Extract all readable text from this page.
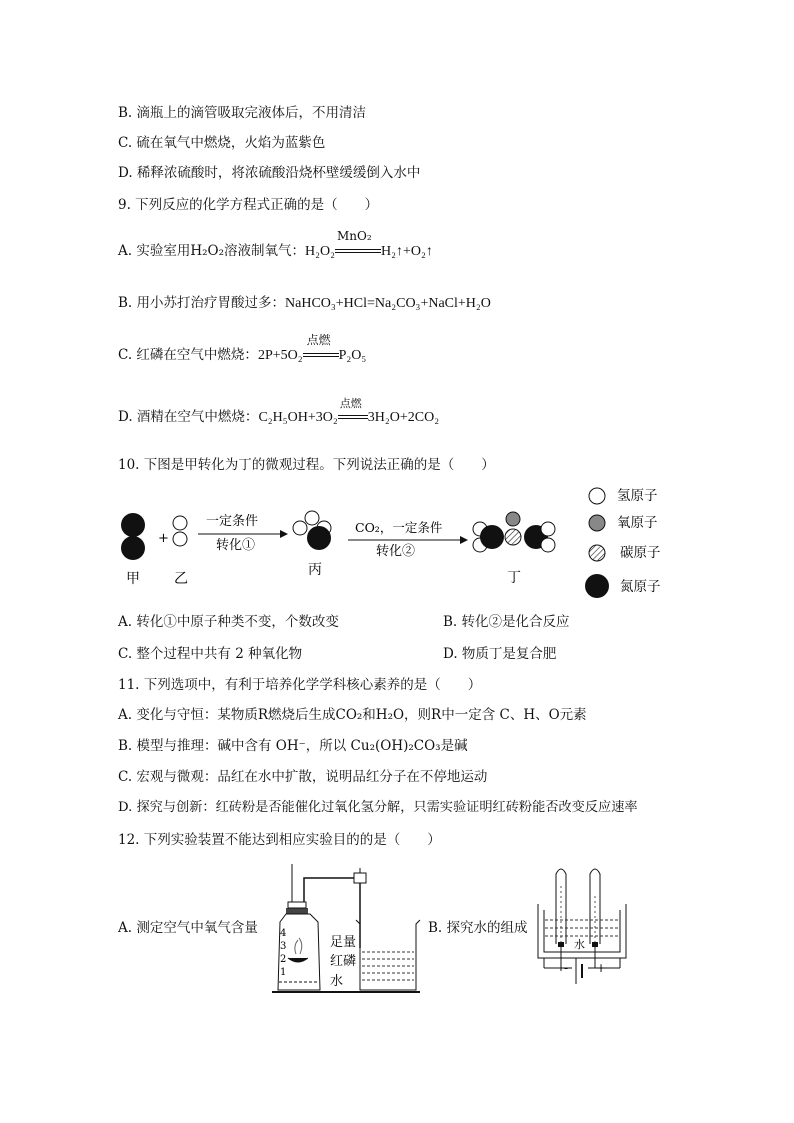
B. 滴瓶上的滴管吸取完液体后，不用清洁
C. 硫在氧气中燃烧，火焰为蓝紫色
D. 稀释浓硫酸时，将浓硫酸沿烧杯壁缓缓倒入水中
9. 下列反应的化学方程式正确的是（　　）
A. 实验室用H₂O₂溶液制氧气：H₂O₂
MnO₂
H₂↑+O₂↑
B. 用小苏打治疗胃酸过多：NaHCO₃+HCl=Na₂CO₃+NaCl+H₂O
C. 红磷在空气中燃烧：2P+5O₂
点燃
P₂O₅
D. 酒精在空气中燃烧：C₂H₅OH+3O₂
点燃
3H₂O+2CO₂
10. 下图是甲转化为丁的微观过程。下列说法正确的是（　　）
+
甲 乙
一定条件
转化①
丙
CO₂，一定条件
转化②
丁
氢原子
氧原子
碳原子
氮原子
A. 转化①中原子种类不变，个数改变	B. 转化②是化合反应
C. 整个过程中共有 2 种氧化物	D. 物质丁是复合肥
11. 下列选项中，有利于培养化学学科核心素养的是（　　）
A. 变化与守恒：某物质R燃烧后生成CO₂和H₂O，则R中一定含 C、H、O元素
B. 模型与推理：碱中含有 OH⁻，所以 Cu₂(OH)₂CO₃是碱
C. 宏观与微观：品红在水中扩散，说明品红分子在不停地运动
D. 探究与创新：红砖粉是否能催化过氧化氢分解，只需实验证明红砖粉能否改变反应速率
12. 下列实验装置不能达到相应实验目的的是（　　）
A. 测定空气中氧气含量	B. 探究水的组成
4
3
2
1
足量
红磷
水
水
- +
